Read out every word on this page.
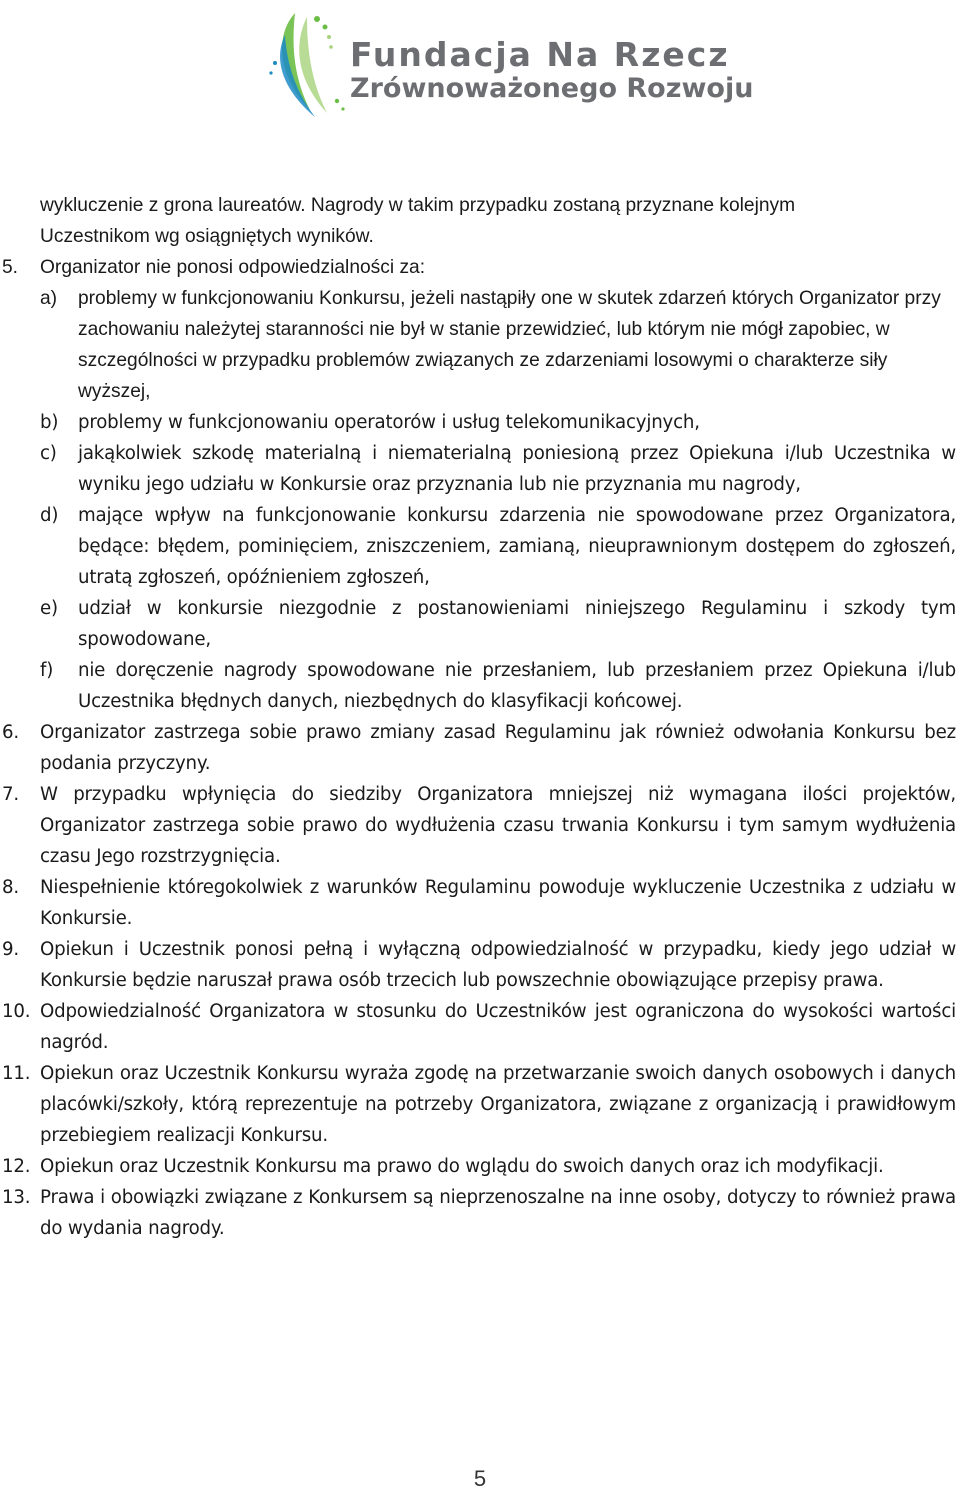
Fundacja Na Rzecz
Zrównoważonego Rozwoju
wykluczenie z grona laureatów. Nagrody w takim przypadku zostaną przyznane kolejnym
Uczestnikom wg osiągniętych wyników.
5.	Organizator nie ponosi odpowiedzialności za:
a)	problemy w funkcjonowaniu Konkursu, jeżeli nastąpiły one w skutek zdarzeń których Organizator przy zachowaniu należytej staranności nie był w stanie przewidzieć, lub którym nie mógł zapobiec, w szczególności w przypadku problemów związanych ze zdarzeniami losowymi o charakterze siły wyższej,
b)	problemy w funkcjonowaniu operatorów i usług telekomunikacyjnych,
c)	jakąkolwiek szkodę materialną i niematerialną poniesioną przez Opiekuna i/lub Uczestnika w wyniku jego udziału w Konkursie oraz przyznania lub nie przyznania mu nagrody,
d)	mające wpływ na funkcjonowanie konkursu zdarzenia nie spowodowane przez Organizatora, będące: błędem, pominięciem, zniszczeniem, zamianą, nieuprawnionym dostępem do zgłoszeń, utratą zgłoszeń, opóźnieniem zgłoszeń,
e)	udział w konkursie niezgodnie z postanowieniami niniejszego Regulaminu i szkody tym spowodowane,
f)	nie doręczenie nagrody spowodowane nie przesłaniem, lub przesłaniem przez Opiekuna i/lub Uczestnika błędnych danych, niezbędnych do klasyfikacji końcowej.
6.	Organizator zastrzega sobie prawo zmiany zasad Regulaminu jak również odwołania Konkursu bez podania przyczyny.
7.	W przypadku wpłynięcia do siedziby Organizatora mniejszej niż wymagana ilości projektów, Organizator zastrzega sobie prawo do wydłużenia czasu trwania Konkursu i tym samym wydłużenia czasu Jego rozstrzygnięcia.
8.	Niespełnienie któregokolwiek z warunków Regulaminu powoduje wykluczenie Uczestnika z udziału w Konkursie.
9.	Opiekun i Uczestnik ponosi pełną i wyłączną odpowiedzialność w przypadku, kiedy jego udział w Konkursie będzie naruszał prawa osób trzecich lub powszechnie obowiązujące przepisy prawa.
10. Odpowiedzialność Organizatora w stosunku do Uczestników jest ograniczona do wysokości wartości nagród.
11. Opiekun oraz Uczestnik Konkursu wyraża zgodę na przetwarzanie swoich danych osobowych i danych placówki/szkoły, którą reprezentuje na potrzeby Organizatora, związane z organizacją i prawidłowym przebiegiem realizacji Konkursu.
12. Opiekun oraz Uczestnik Konkursu ma prawo do wglądu do swoich danych oraz ich modyfikacji.
13. Prawa i obowiązki związane z Konkursem są nieprzenoszalne na inne osoby, dotyczy to również prawa do wydania nagrody.
5
